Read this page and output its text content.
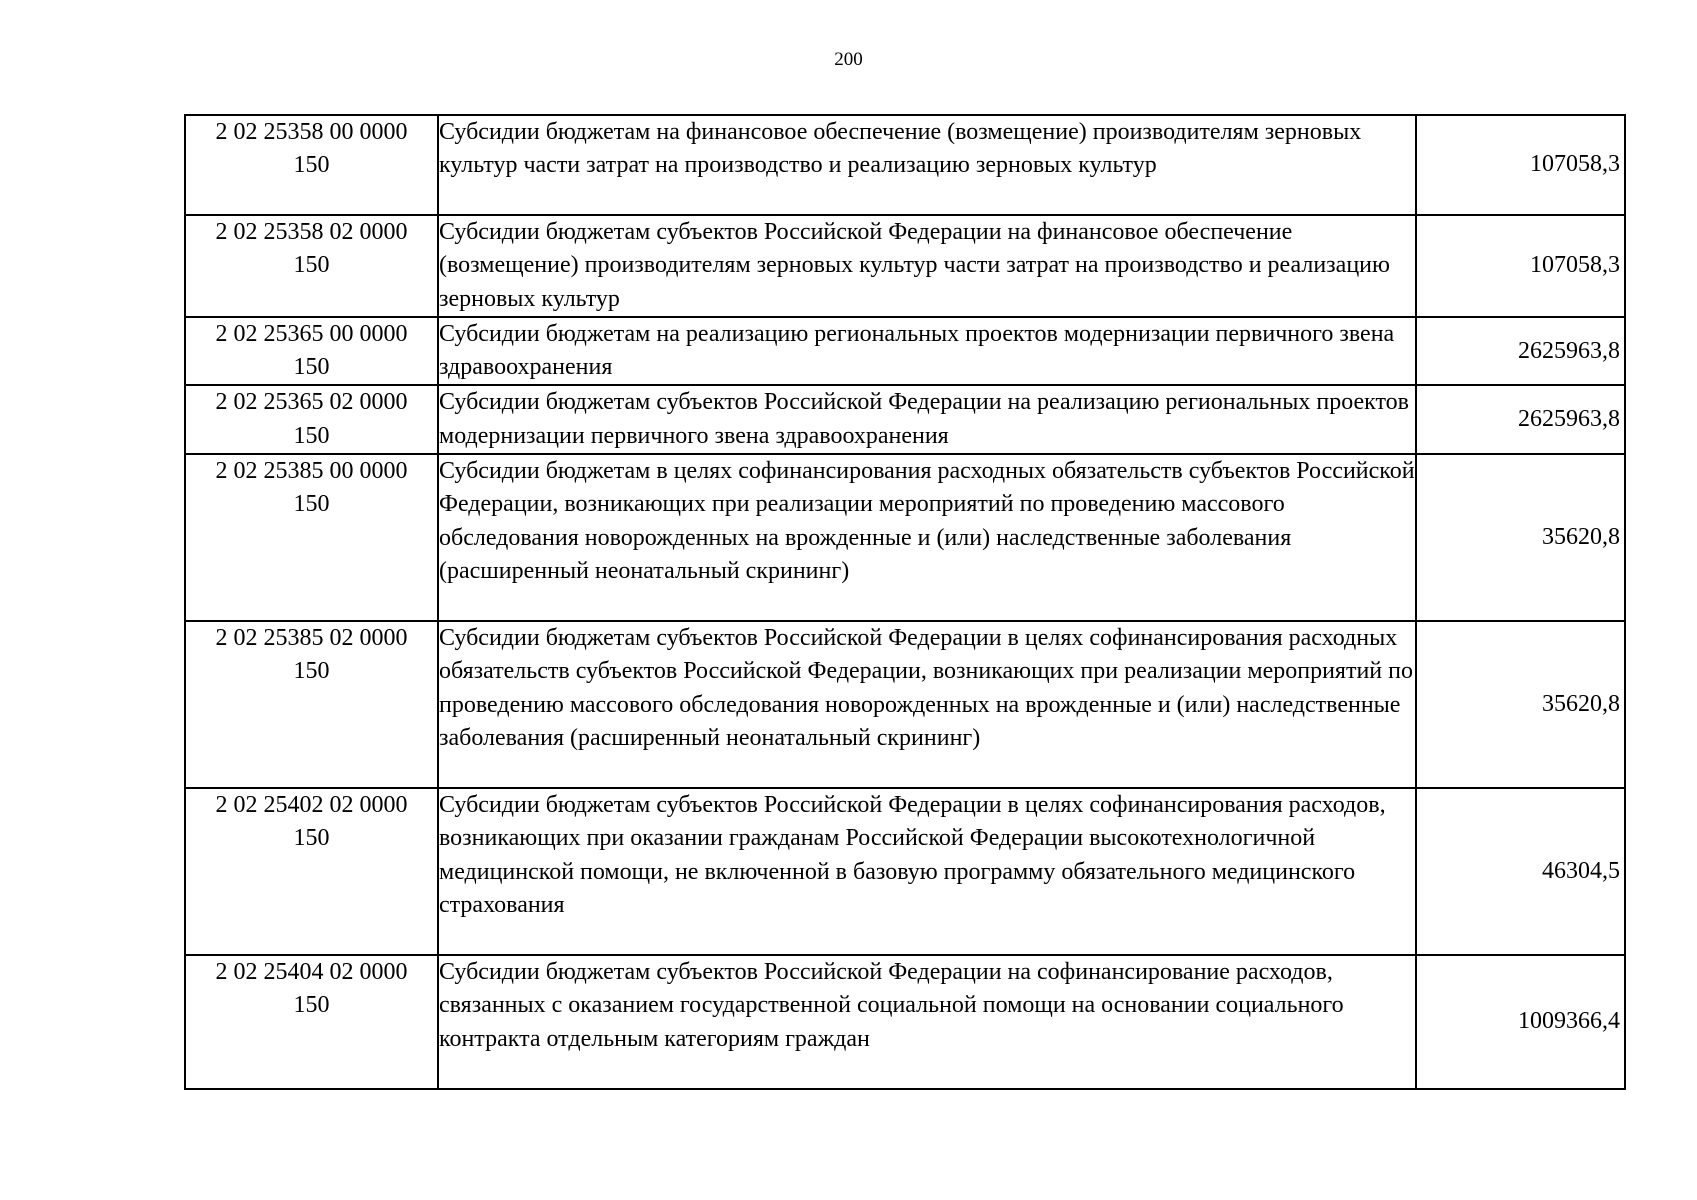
200
2 02 25358 00 0000
150	Субсидии бюджетам на финансовое обеспечение (возмещение) производителям зерновых культур части затрат на производство и реализацию зерновых культур	107058,3

2 02 25358 02 0000
150	Субсидии бюджетам субъектов Российской Федерации на финансовое обеспечение (возмещение) производителям зерновых культур части затрат на производство и реализацию зерновых культур	107058,3

2 02 25365 00 0000
150	Субсидии бюджетам на реализацию региональных проектов модернизации первичного звена здравоохранения	2625963,8

2 02 25365 02 0000
150	Субсидии бюджетам субъектов Российской Федерации на реализацию региональных проектов модернизации первичного звена здравоохранения	2625963,8

2 02 25385 00 0000
150	Субсидии бюджетам в целях софинансирования расходных обязательств субъектов Российской Федерации, возникающих при реализации мероприятий по проведению массового обследования новорожденных на врожденные и (или) наследственные заболевания (расширенный неонатальный скрининг)	35620,8

2 02 25385 02 0000
150	Субсидии бюджетам субъектов Российской Федерации в целях софинансирования расходных обязательств субъектов Российской Федерации, возникающих при реализации мероприятий по проведению массового обследования новорожденных на врожденные и (или) наследственные заболевания (расширенный неонатальный скрининг)	35620,8

2 02 25402 02 0000
150	Субсидии бюджетам субъектов Российской Федерации в целях софинансирования расходов, возникающих при оказании гражданам Российской Федерации высокотехнологичной медицинской помощи, не включенной в базовую программу обязательного медицинского страхования	46304,5

2 02 25404 02 0000
150	Субсидии бюджетам субъектов Российской Федерации на софинансирование расходов, связанных с оказанием государственной социальной помощи на основании социального контракта отдельным категориям граждан	1009366,4
